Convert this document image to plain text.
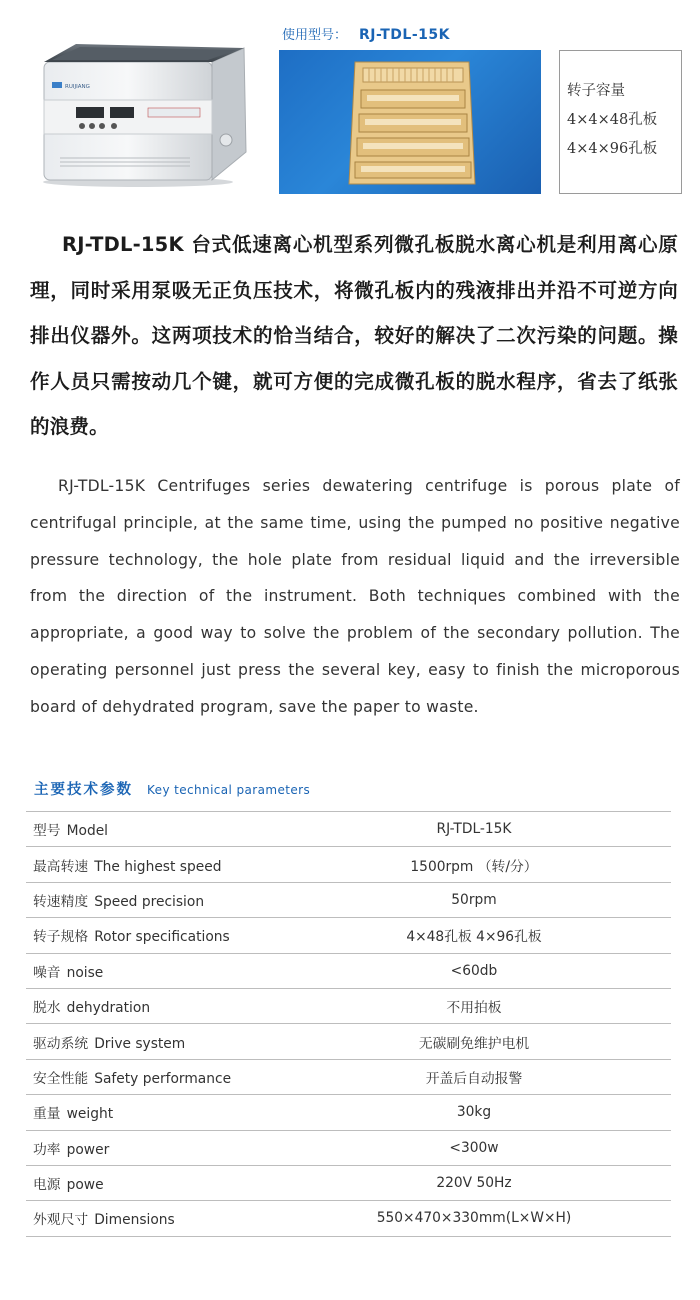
RUIJIANG
使用型号： RJ-TDL-15K
转子容量
4×4×48孔板
4×4×96孔板

RJ-TDL-15K 台式低速离心机型系列微孔板脱水离心机是利用离心原理，同时采用泵吸无正负压技术，将微孔板内的残液排出并沿不可逆方向排出仪器外。这两项技术的恰当结合，较好的解决了二次污染的问题。操作人员只需按动几个键，就可方便的完成微孔板的脱水程序，省去了纸张的浪费。

RJ-TDL-15K Centrifuges series dewatering centrifuge is porous plate of centrifugal principle, at the same time, using the pumped no positive negative pressure technology, the hole plate from residual liquid and the irreversible from the direction of the instrument. Both techniques combined with the appropriate, a good way to solve the problem of the secondary pollution. The operating personnel just press the several key, easy to finish the microporous board of dehydrated program, save the paper to waste.

主要技术参数 Key technical parameters
型号 Model	RJ-TDL-15K
最高转速 The highest speed	1500rpm （转/分）
转速精度 Speed precision	50rpm
转子规格 Rotor specifications	4×48孔板 4×96孔板
噪音 noise	<60db
脱水 dehydration	不用拍板
驱动系统 Drive system	无碳刷免维护电机
安全性能 Safety performance	开盖后自动报警
重量 weight	30kg
功率 power	<300w
电源 powe	220V 50Hz
外观尺寸 Dimensions	550×470×330mm(L×W×H)
